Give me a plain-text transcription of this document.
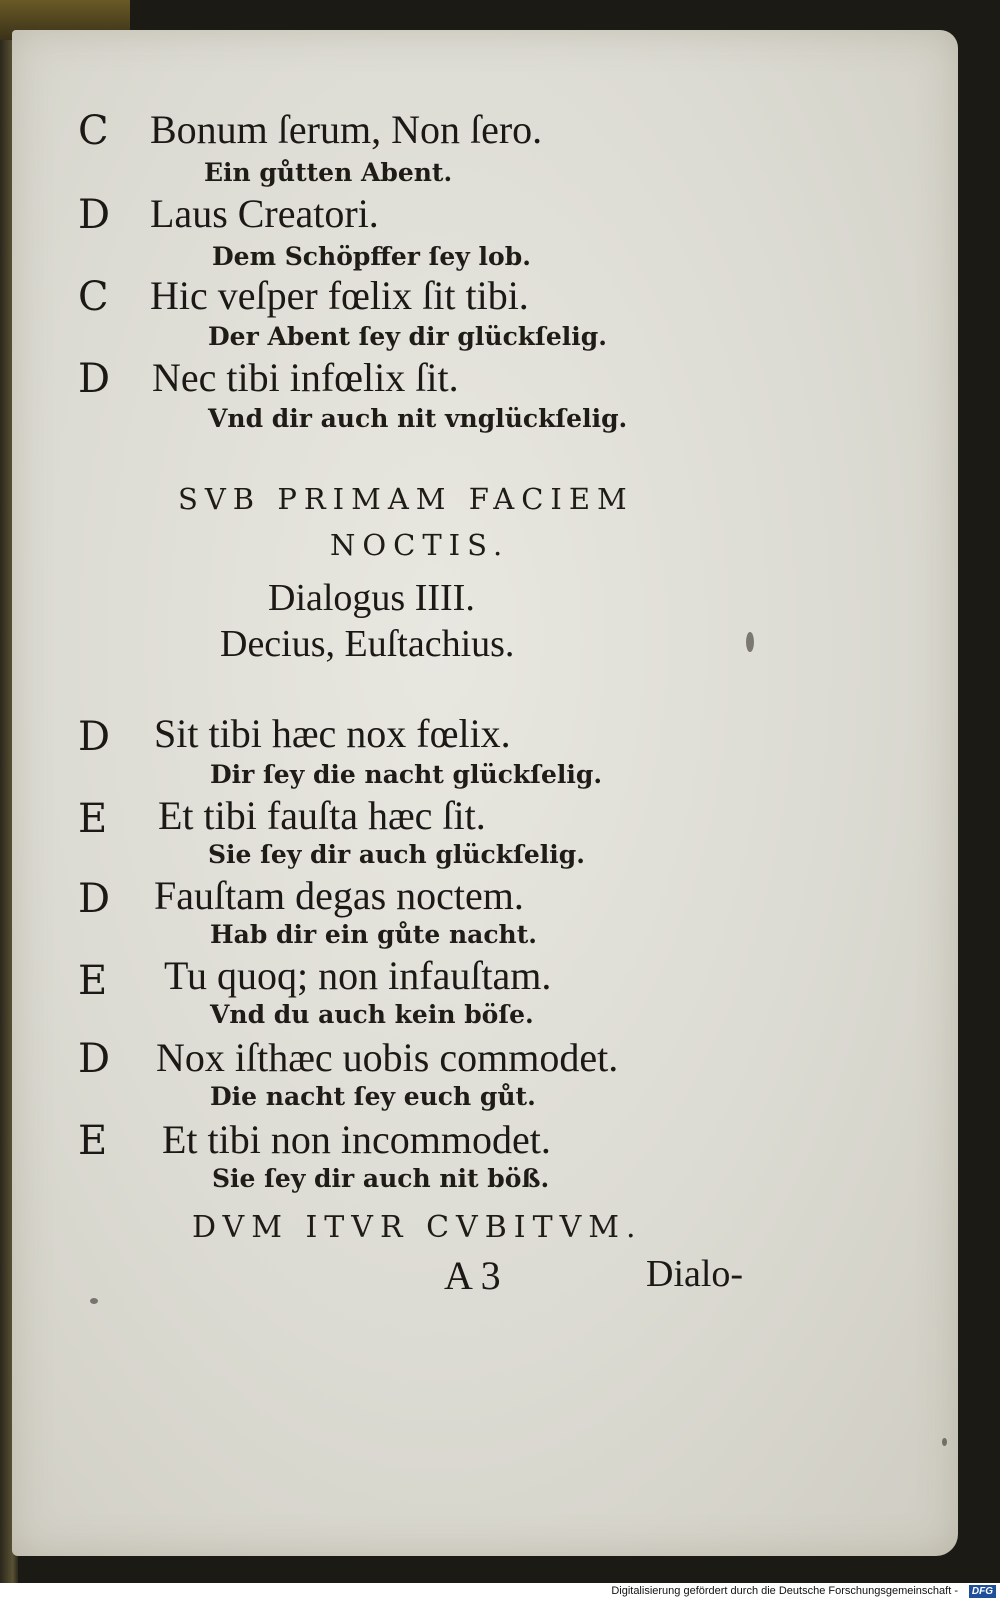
C Bonum ſerum, Non ſero.
Ein gůtten Abent.
D Laus Creatori.
Dem Schöpffer ſey lob.
C Hic veſper fœlix ſit tibi.
Der Abent ſey dir glückſelig.
D Nec tibi infœlix ſit.
Vnd dir auch nit vnglückſelig.
SVB PRIMAM FACIEM
NOCTIS.
Dialogus IIII.
Decius, Euſtachius.
D Sit tibi hæc nox fœlix.
Dir ſey die nacht glückſelig.
E Et tibi fauſta hæc ſit.
Sie ſey dir auch glückſelig.
D Fauſtam degas noctem.
Hab dir ein gůte nacht.
E Tu quoq; non infauſtam.
Vnd du auch kein böſe.
D Nox iſthæc uobis commodet.
Die nacht ſey euch gůt.
E Et tibi non incommodet.
Sie ſey dir auch nit böß.
DVM ITVR CVBITVM.
A 3	Dialo-
Digitalisierung gefördert durch die Deutsche Forschungsgemeinschaft -	DFG
